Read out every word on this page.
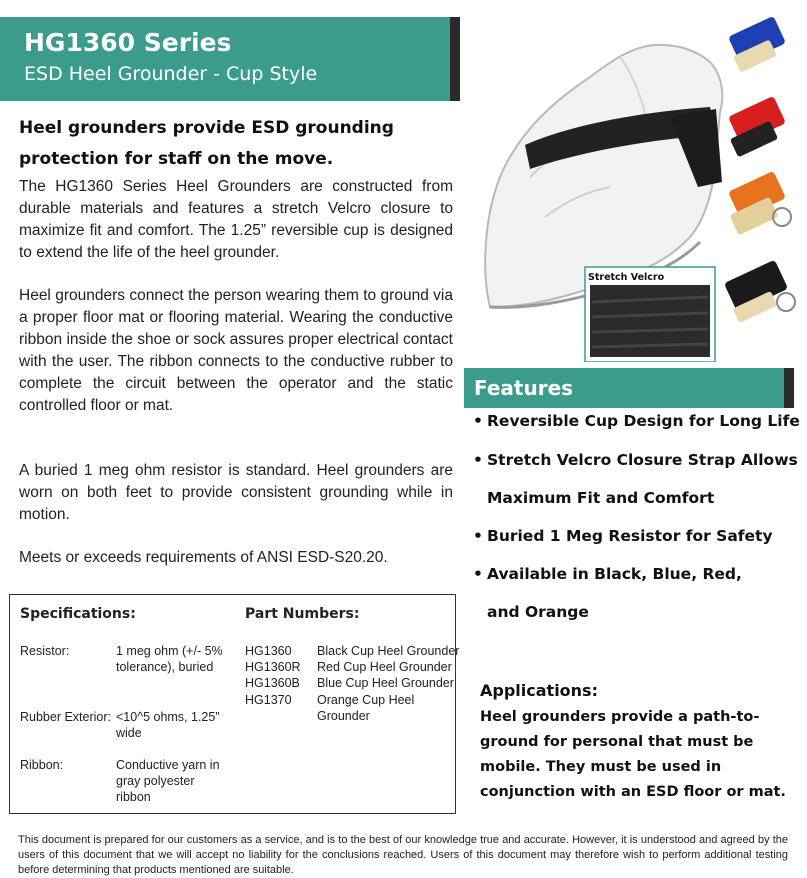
HG1360 Series
ESD Heel Grounder - Cup Style
Heel grounders provide ESD grounding protection for staff on the move.
The HG1360 Series Heel Grounders are constructed from durable materials and features a stretch Velcro closure to maximize fit and comfort. The 1.25” reversible cup is designed to extend the life of the heel grounder.
Heel grounders connect the person wearing them to ground via a proper floor mat or flooring material. Wearing the conductive ribbon inside the shoe or sock assures proper electrical contact with the user. The ribbon connects to the conductive rubber to complete the circuit between the operator and the static controlled floor or mat.
A buried 1 meg ohm resistor is standard. Heel grounders are worn on both feet to provide consistent grounding while in motion.
Meets or exceeds requirements of ANSI ESD-S20.20.
Stretch Velcro
Features
• Reversible Cup Design for Long Life
• Stretch Velcro Closure Strap Allows
Maximum Fit and Comfort
• Buried 1 Meg Resistor for Safety
• Available in Black, Blue, Red,
and Orange
Applications:
Heel grounders provide a path-to-ground for personal that must be mobile. They must be used in conjunction with an ESD floor or mat.
Specifications:	Part Numbers:
Resistor:	1 meg ohm (+/- 5% tolerance), buried
Rubber Exterior: <10^5 ohms, 1.25” wide
Ribbon:	Conductive yarn in gray polyester ribbon
HG1360 Black Cup Heel Grounder
HG1360R Red Cup Heel Grounder
HG1360B Blue Cup Heel Grounder
HG1370 Orange Cup Heel Grounder
This document is prepared for our customers as a service, and is to the best of our knowledge true and accurate. However, it is understood and agreed by the users of this document that we will accept no liability for the conclusions reached. Users of this document may therefore wish to perform additional testing before determining that products mentioned are suitable.
